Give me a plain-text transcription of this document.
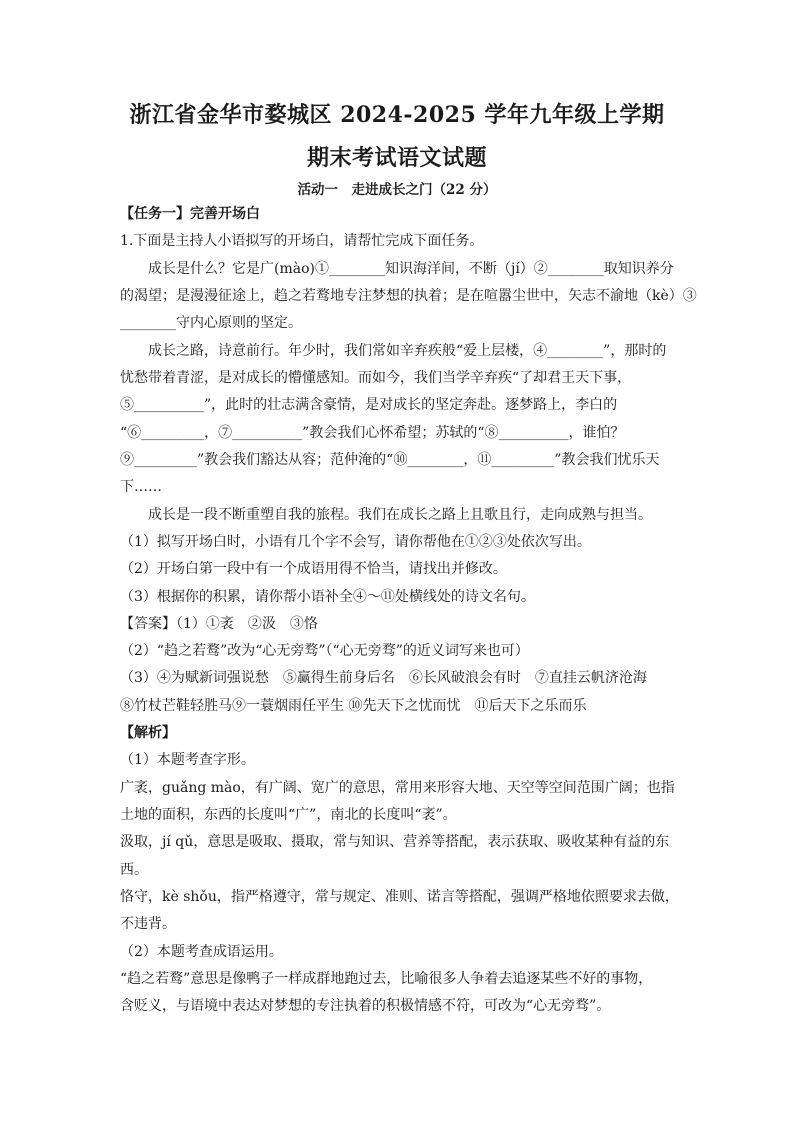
浙江省金华市婺城区 2024-2025 学年九年级上学期
期末考试语文试题
活动一　走进成长之门（22 分）
【任务一】完善开场白
1.下面是主持人小语拟写的开场白，请帮忙完成下面任务。
成长是什么？它是广(mào)①________知识海洋间，不断（jí）②________取知识养分
的渴望；是漫漫征途上，趋之若鹜地专注梦想的执着；是在喧嚣尘世中，矢志不渝地（kè）③
________守内心原则的坚定。
成长之路，诗意前行。年少时，我们常如辛弃疾般“爱上层楼，④________”，那时的
忧愁带着青涩，是对成长的懵懂感知。而如今，我们当学辛弃疾“了却君王天下事，
⑤__________”，此时的壮志满含豪情，是对成长的坚定奔赴。逐梦路上，李白的
“⑥_________，⑦__________”教会我们心怀希望；苏轼的“⑧__________，谁怕？
⑨_________”教会我们豁达从容；范仲淹的“⑩________，⑪_________”教会我们忧乐天
下……
成长是一段不断重塑自我的旅程。我们在成长之路上且歌且行，走向成熟与担当。
（1）拟写开场白时，小语有几个字不会写，请你帮他在①②③处依次写出。
（2）开场白第一段中有一个成语用得不恰当，请找出并修改。
（3）根据你的积累，请你帮小语补全④～⑪处横线处的诗文名句。
【答案】（1）①袤　②汲　③恪
（2）“趋之若鹜”改为“心无旁骛”（“心无旁骛”的近义词写来也可）
（3）④为赋新词强说愁　⑤赢得生前身后名　⑥长风破浪会有时　⑦直挂云帆济沧海
⑧竹杖芒鞋轻胜马⑨一蓑烟雨任平生 ⑩先天下之忧而忧　⑪后天下之乐而乐
【解析】
（1）本题考查字形。
广袤，guǎng mào，有广阔、宽广的意思，常用来形容大地、天空等空间范围广阔；也指
土地的面积，东西的长度叫“广”，南北的长度叫“袤”。
汲取，jí qǔ，意思是吸取、摄取，常与知识、营养等搭配，表示获取、吸收某种有益的东
西。
恪守，kè shǒu，指严格遵守，常与规定、准则、诺言等搭配，强调严格地依照要求去做，
不违背。
（2）本题考查成语运用。
“趋之若鹜”意思是像鸭子一样成群地跑过去，比喻很多人争着去追逐某些不好的事物，
含贬义，与语境中表达对梦想的专注执着的积极情感不符，可改为“心无旁骛”。
